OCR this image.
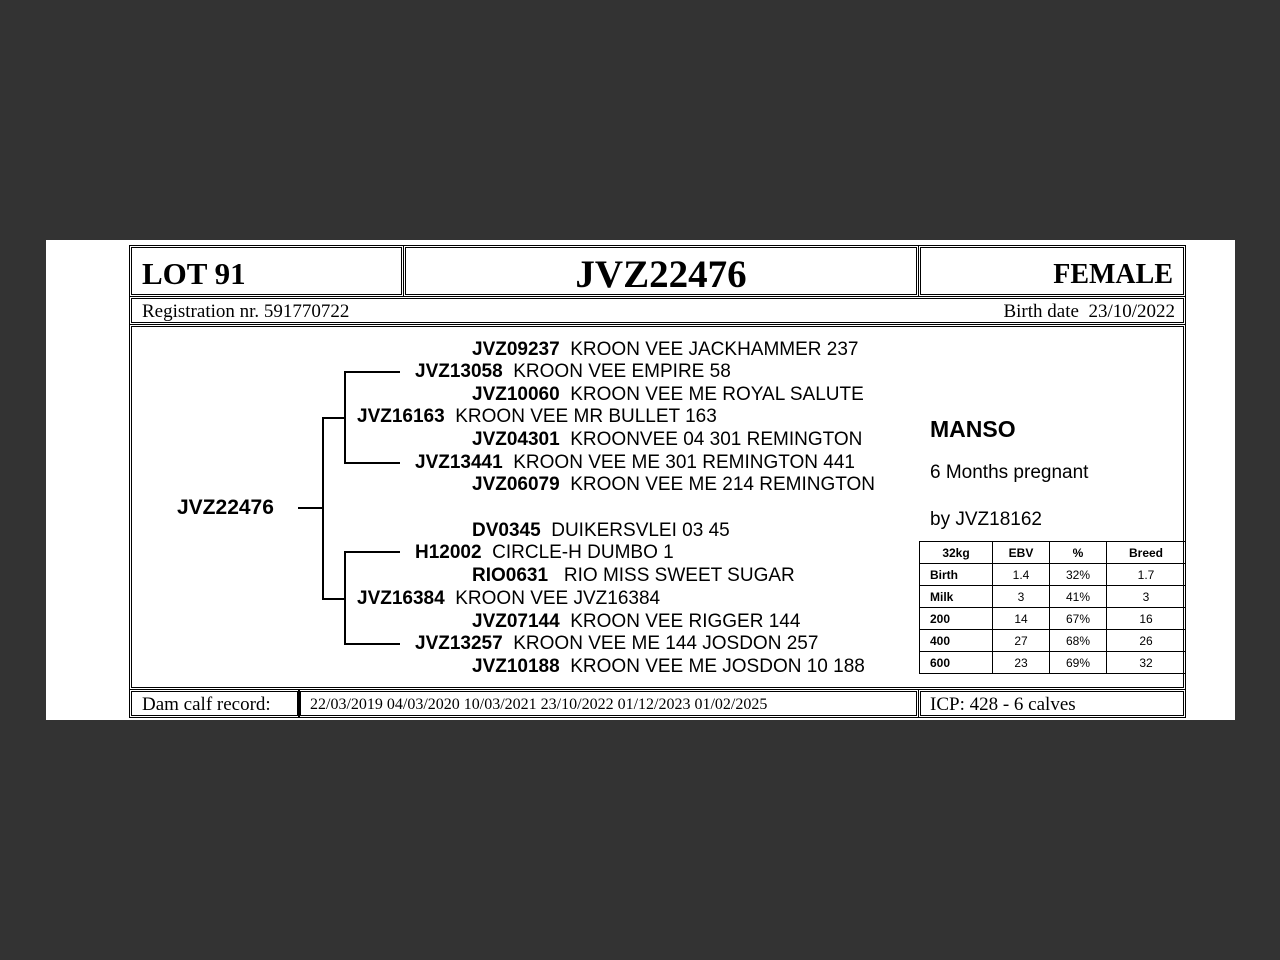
LOT 91	JVZ22476	FEMALE
Registration nr. 591770722	Birth date 23/10/2022
JVZ22476
JVZ09237 KROON VEE JACKHAMMER 237
JVZ13058 KROON VEE EMPIRE 58
JVZ10060 KROON VEE ME ROYAL SALUTE
JVZ16163 KROON VEE MR BULLET 163
JVZ04301 KROONVEE 04 301 REMINGTON
JVZ13441 KROON VEE ME 301 REMINGTON 441
JVZ06079 KROON VEE ME 214 REMINGTON
DV0345 DUIKERSVLEI 03 45
H12002 CIRCLE-H DUMBO 1
RIO0631   RIO MISS SWEET SUGAR
JVZ16384 KROON VEE JVZ16384
JVZ07144 KROON VEE RIGGER 144
JVZ13257 KROON VEE ME 144 JOSDON 257
JVZ10188 KROON VEE ME JOSDON 10 188
MANSO
6 Months pregnant
by JVZ18162
32kg	EBV	%	Breed
Birth	1.4	32%	1.7
Milk	3	41%	3
200	14	67%	16
400	27	68%	26
600	23	69%	32
Dam calf record: 22/03/2019 04/03/2020 10/03/2021 23/10/2022 01/12/2023 01/02/2025	ICP: 428 - 6 calves
